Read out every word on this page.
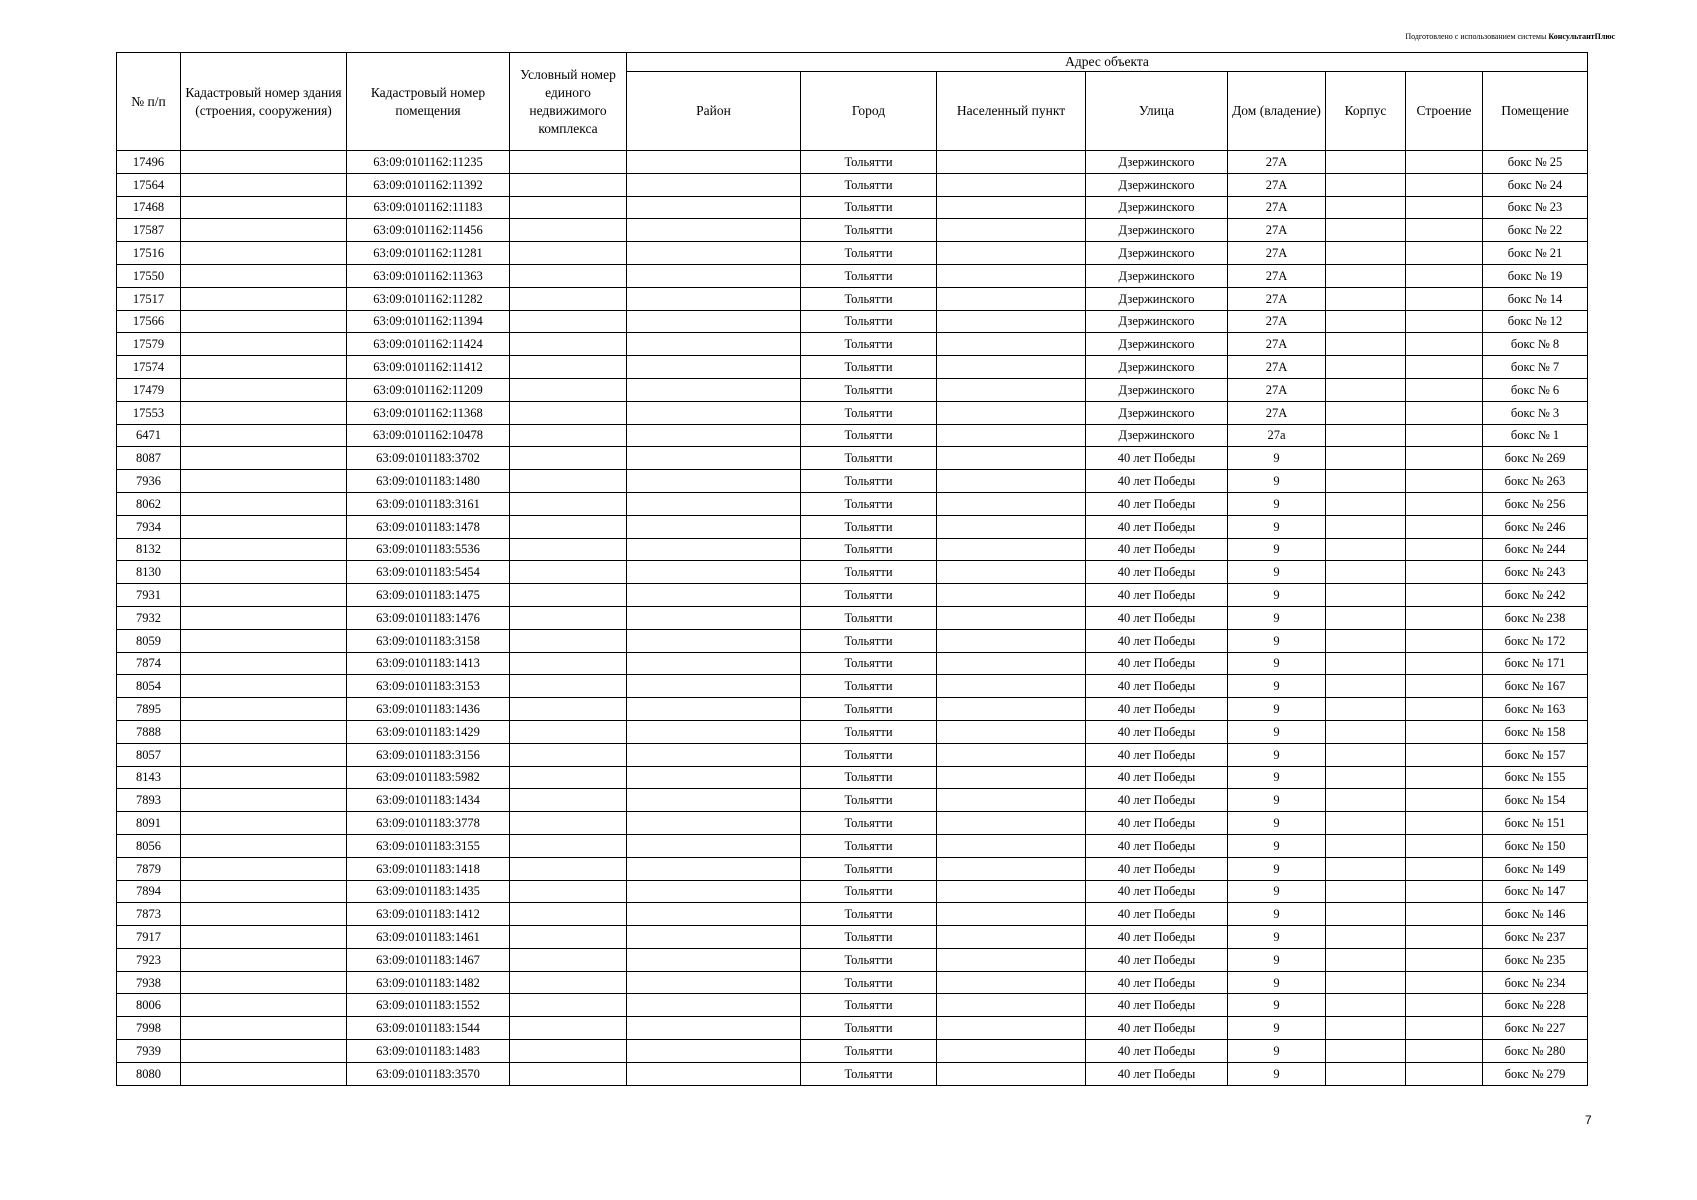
Подготовлено с использованием системы КонсультантПлюс
№ п/п	Кадастровый номер здания (строения, сооружения)	Кадастровый номер помещения	Условный номер единого недвижимого комплекса	Адрес объекта							
				Район	Город	Населенный пункт	Улица	Дом (владение)	Корпус	Строение	Помещение
17496		63:09:0101162:11235			Тольятти		Дзержинского	27А			бокс № 25
17564		63:09:0101162:11392			Тольятти		Дзержинского	27А			бокс № 24
17468		63:09:0101162:11183			Тольятти		Дзержинского	27А			бокс № 23
17587		63:09:0101162:11456			Тольятти		Дзержинского	27А			бокс № 22
17516		63:09:0101162:11281			Тольятти		Дзержинского	27А			бокс № 21
17550		63:09:0101162:11363			Тольятти		Дзержинского	27А			бокс № 19
17517		63:09:0101162:11282			Тольятти		Дзержинского	27А			бокс № 14
17566		63:09:0101162:11394			Тольятти		Дзержинского	27А			бокс № 12
17579		63:09:0101162:11424			Тольятти		Дзержинского	27А			бокс № 8
17574		63:09:0101162:11412			Тольятти		Дзержинского	27А			бокс № 7
17479		63:09:0101162:11209			Тольятти		Дзержинского	27А			бокс № 6
17553		63:09:0101162:11368			Тольятти		Дзержинского	27А			бокс № 3
6471		63:09:0101162:10478			Тольятти		Дзержинского	27а			бокс № 1
8087		63:09:0101183:3702			Тольятти		40 лет Победы	9			бокс № 269
7936		63:09:0101183:1480			Тольятти		40 лет Победы	9			бокс № 263
8062		63:09:0101183:3161			Тольятти		40 лет Победы	9			бокс № 256
7934		63:09:0101183:1478			Тольятти		40 лет Победы	9			бокс № 246
8132		63:09:0101183:5536			Тольятти		40 лет Победы	9			бокс № 244
8130		63:09:0101183:5454			Тольятти		40 лет Победы	9			бокс № 243
7931		63:09:0101183:1475			Тольятти		40 лет Победы	9			бокс № 242
7932		63:09:0101183:1476			Тольятти		40 лет Победы	9			бокс № 238
8059		63:09:0101183:3158			Тольятти		40 лет Победы	9			бокс № 172
7874		63:09:0101183:1413			Тольятти		40 лет Победы	9			бокс № 171
8054		63:09:0101183:3153			Тольятти		40 лет Победы	9			бокс № 167
7895		63:09:0101183:1436			Тольятти		40 лет Победы	9			бокс № 163
7888		63:09:0101183:1429			Тольятти		40 лет Победы	9			бокс № 158
8057		63:09:0101183:3156			Тольятти		40 лет Победы	9			бокс № 157
8143		63:09:0101183:5982			Тольятти		40 лет Победы	9			бокс № 155
7893		63:09:0101183:1434			Тольятти		40 лет Победы	9			бокс № 154
8091		63:09:0101183:3778			Тольятти		40 лет Победы	9			бокс № 151
8056		63:09:0101183:3155			Тольятти		40 лет Победы	9			бокс № 150
7879		63:09:0101183:1418			Тольятти		40 лет Победы	9			бокс № 149
7894		63:09:0101183:1435			Тольятти		40 лет Победы	9			бокс № 147
7873		63:09:0101183:1412			Тольятти		40 лет Победы	9			бокс № 146
7917		63:09:0101183:1461			Тольятти		40 лет Победы	9			бокс № 237
7923		63:09:0101183:1467			Тольятти		40 лет Победы	9			бокс № 235
7938		63:09:0101183:1482			Тольятти		40 лет Победы	9			бокс № 234
8006		63:09:0101183:1552			Тольятти		40 лет Победы	9			бокс № 228
7998		63:09:0101183:1544			Тольятти		40 лет Победы	9			бокс № 227
7939		63:09:0101183:1483			Тольятти		40 лет Победы	9			бокс № 280
8080		63:09:0101183:3570			Тольятти		40 лет Победы	9			бокс № 279
7
